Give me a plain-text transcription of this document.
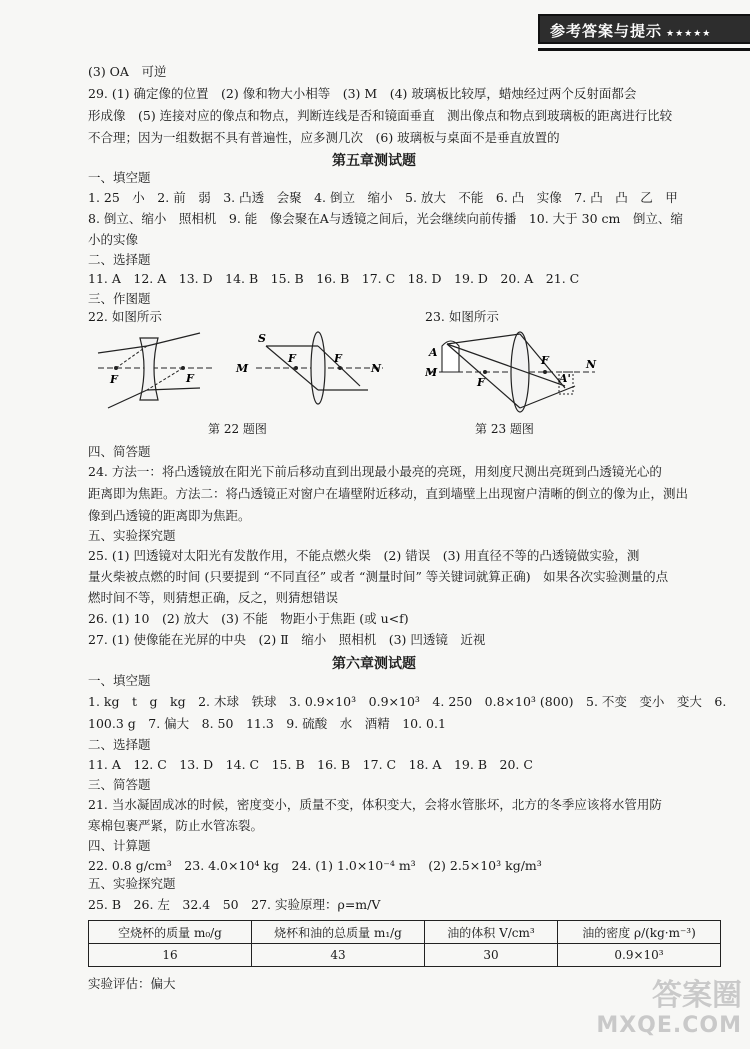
参考答案与提示 ★★★★★
(3) OA　可逆
29. (1) 确定像的位置　(2) 像和物大小相等　(3) M　(4) 玻璃板比较厚，蜡烛经过两个反射面都会
形成像　(5) 连接对应的像点和物点，判断连线是否和镜面垂直　测出像点和物点到玻璃板的距离进行比较
不合理；因为一组数据不具有普遍性，应多测几次　(6) 玻璃板与桌面不是垂直放置的
第五章测试题
一、填空题
1. 25　小　2. 前　弱　3. 凸透　会聚　4. 倒立　缩小　5. 放大　不能　6. 凸　实像　7. 凸　凸　乙　甲
8. 倒立、缩小　照相机　9. 能　像会聚在A与透镜之间后，光会继续向前传播　10. 大于 30 cm　倒立、缩
小的实像
二、选择题
11. A　12. A　13. D　14. B　15. B　16. B　17. C　18. D　19. D　20. A　21. C
三、作图题
22. 如图所示	23. 如图所示
F	F
S
M	N
F	F	A
M
N
F
F
A'
第 22 题图	第 23 题图
四、简答题
24. 方法一：将凸透镜放在阳光下前后移动直到出现最小最亮的亮斑，用刻度尺测出亮斑到凸透镜光心的
距离即为焦距。方法二：将凸透镜正对窗户在墙壁附近移动，直到墙壁上出现窗户清晰的倒立的像为止，测出
像到凸透镜的距离即为焦距。
五、实验探究题
25. (1) 凹透镜对太阳光有发散作用，不能点燃火柴　(2) 错误　(3) 用直径不等的凸透镜做实验，测
量火柴被点燃的时间 (只要提到 “不同直径” 或者 “测量时间” 等关键词就算正确)　如果各次实验测量的点
燃时间不等，则猜想正确，反之，则猜想错误
26. (1) 10　(2) 放大　(3) 不能　物距小于焦距 (或 u<f)
27. (1) 使像能在光屏的中央　(2) Ⅱ　缩小　照相机　(3) 凹透镜　近视
第六章测试题
一、填空题
1. kg　t　g　kg　2. 木球　铁球　3. 0.9×10³　0.9×10³　4. 250　0.8×10³ (800)　5. 不变　变小　变大　6.
100.3 g　7. 偏大　8. 50　11.3　9. 硫酸　水　酒精　10. 0.1
二、选择题
11. A　12. C　13. D　14. C　15. B　16. B　17. C　18. A　19. B　20. C
三、简答题
21. 当水凝固成冰的时候，密度变小，质量不变，体积变大，会将水管胀坏，北方的冬季应该将水管用防
寒棉包裹严紧，防止水管冻裂。
四、计算题
22. 0.8 g/cm³　23. 4.0×10⁴ kg　24. (1) 1.0×10⁻⁴ m³　(2) 2.5×10³ kg/m³
五、实验探究题
空烧杯的质量 m₀/g	烧杯和油的总质量 m₁/g	油的体积 V/cm³	油的密度 ρ/(kg·m⁻³)
16	43	30	0.9×10³
25. B　26. 左　32.4　50　27. 实验原理：ρ=m/V
实验评估：偏大	答案圈
MXQE.COM
